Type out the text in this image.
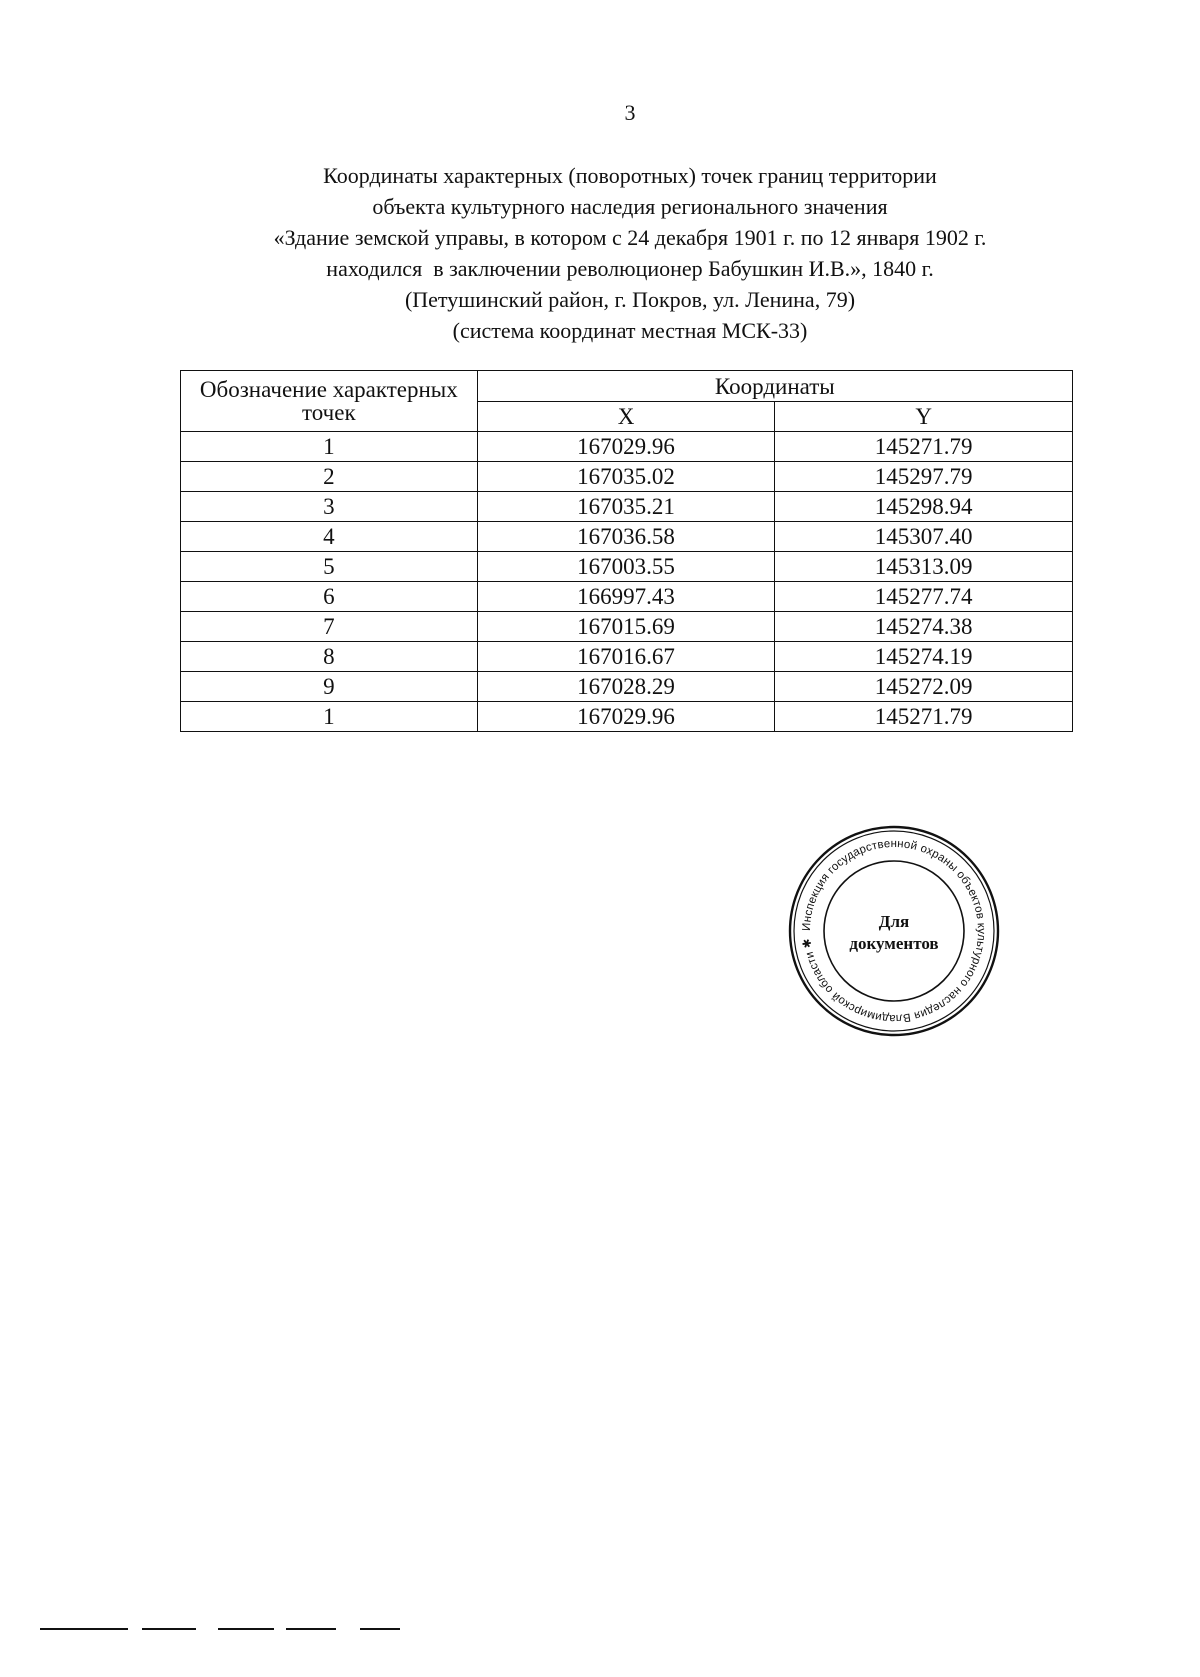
3
Координаты характерных (поворотных) точек границ территории
объекта культурного наследия регионального значения
«Здание земской управы, в котором с 24 декабря 1901 г. по 12 января 1902 г.
находился  в заключении революционер Бабушкин И.В.», 1840 г.
(Петушинский район, г. Покров, ул. Ленина, 79)
(система координат местная МСК-33)
Обозначение характерных точек	Координаты	
	X	Y
1	167029.96	145271.79
2	167035.02	145297.79
3	167035.21	145298.94
4	167036.58	145307.40
5	167003.55	145313.09
6	166997.43	145277.74
7	167015.69	145274.38
8	167016.67	145274.19
9	167028.29	145272.09
1	167029.96	145271.79
Инспекция государственной охраны объектов культурного наследия Владимирской области ✱
Для
документов
